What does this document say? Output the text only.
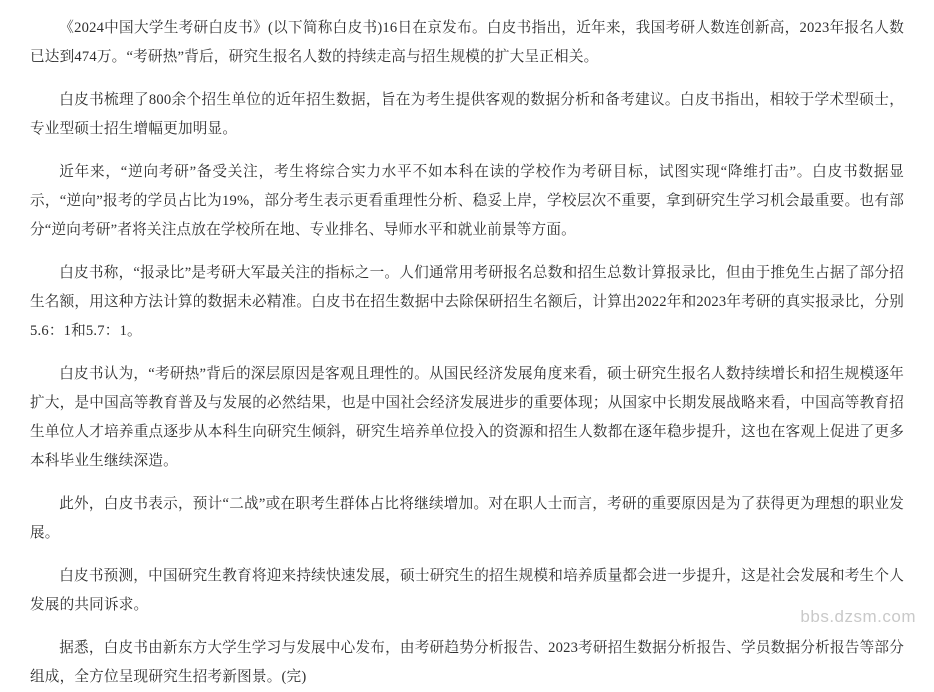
《2024中国大学生考研白皮书》(以下简称白皮书)16日在京发布。白皮书指出，近年来，我国考研人数连创新高，2023年报名人数已达到474万。“考研热”背后，研究生报名人数的持续走高与招生规模的扩大呈正相关。

白皮书梳理了800余个招生单位的近年招生数据，旨在为考生提供客观的数据分析和备考建议。白皮书指出，相较于学术型硕士，专业型硕士招生增幅更加明显。

近年来，“逆向考研”备受关注，考生将综合实力水平不如本科在读的学校作为考研目标，试图实现“降维打击”。白皮书数据显示，“逆向”报考的学员占比为19%，部分考生表示更看重理性分析、稳妥上岸，学校层次不重要，拿到研究生学习机会最重要。也有部分“逆向考研”者将关注点放在学校所在地、专业排名、导师水平和就业前景等方面。

白皮书称，“报录比”是考研大军最关注的指标之一。人们通常用考研报名总数和招生总数计算报录比，但由于推免生占据了部分招生名额，用这种方法计算的数据未必精准。白皮书在招生数据中去除保研招生名额后，计算出2022年和2023年考研的真实报录比，分别5.6：1和5.7：1。

白皮书认为，“考研热”背后的深层原因是客观且理性的。从国民经济发展角度来看，硕士研究生报名人数持续增长和招生规模逐年扩大，是中国高等教育普及与发展的必然结果，也是中国社会经济发展进步的重要体现；从国家中长期发展战略来看，中国高等教育招生单位人才培养重点逐步从本科生向研究生倾斜，研究生培养单位投入的资源和招生人数都在逐年稳步提升，这也在客观上促进了更多本科毕业生继续深造。

此外，白皮书表示，预计“二战”或在职考生群体占比将继续增加。对在职人士而言，考研的重要原因是为了获得更为理想的职业发展。

白皮书预测，中国研究生教育将迎来持续快速发展，硕士研究生的招生规模和培养质量都会进一步提升，这是社会发展和考生个人发展的共同诉求。

据悉，白皮书由新东方大学生学习与发展中心发布，由考研趋势分析报告、2023考研招生数据分析报告、学员数据分析报告等部分组成，全方位呈现研究生招考新图景。(完)

bbs.dzsm.com
